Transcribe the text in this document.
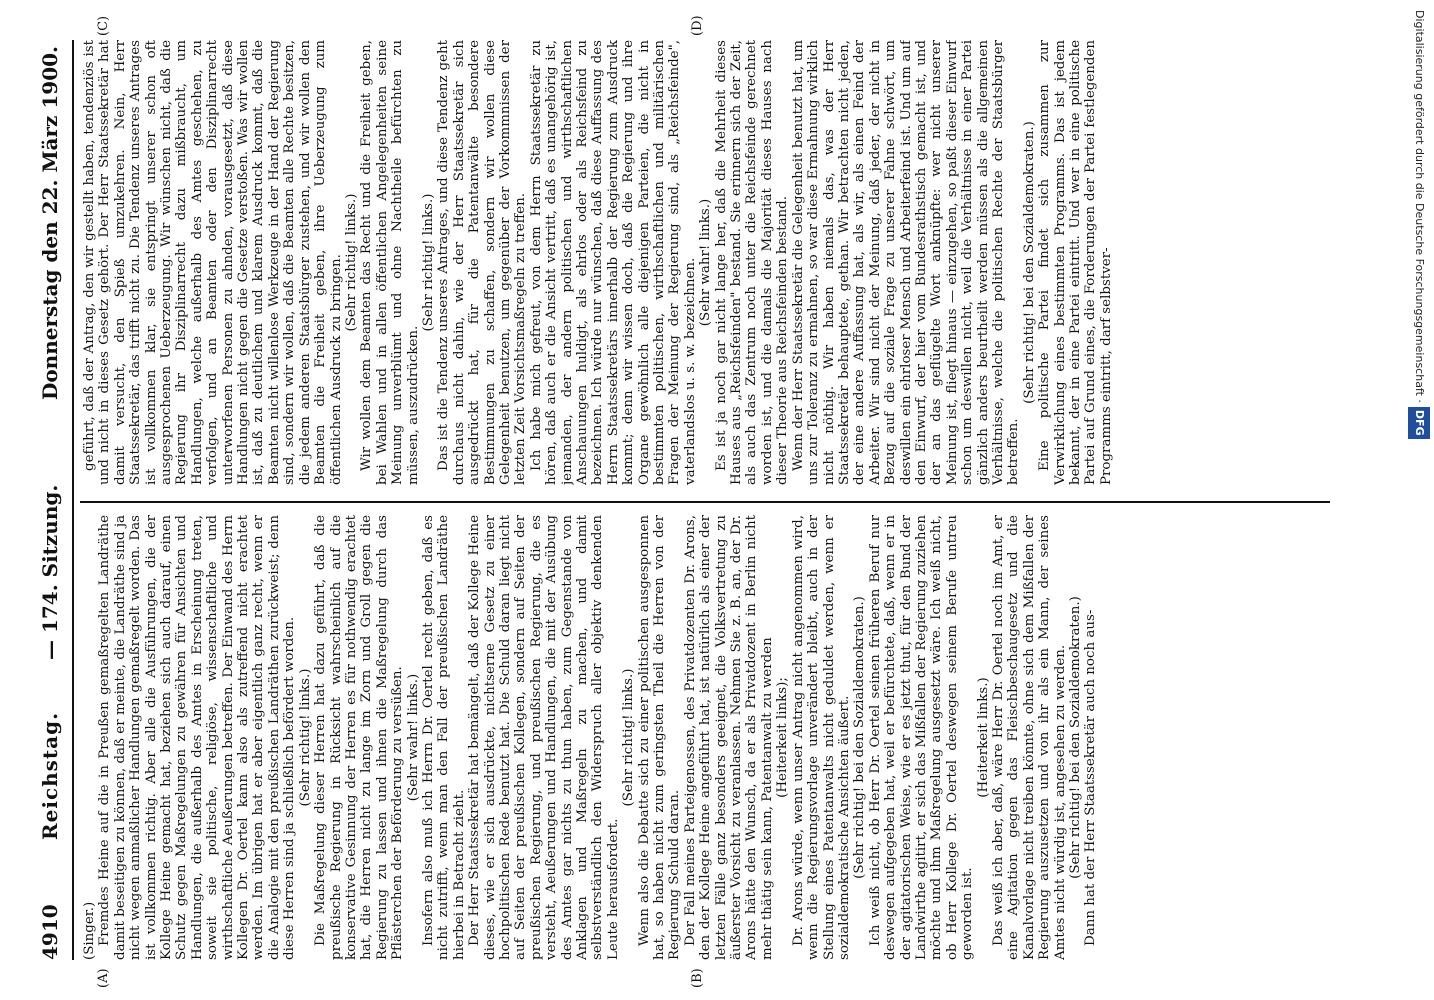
4910
Reichstag.
— 174. Sitzung.
Donnerstag den 22. März 1900.
(A)	(B)
(C)	(D)

(Singer.) Fremdes Heine auf die in Preußen gemaßregelten Landräthe damit beseitigen zu können, daß er meinte, die Landräthe sind ja nicht wegen anmaßlicher Handlungen gemaßregelt worden. Das ist vollkommen richtig. Aber alle die Ausführungen, die der Kollege Heine gemacht hat, beziehen sich auch darauf, einen Schutz gegen Maßregelungen zu gewähren für Ansichten und Handlungen, die außerhalb des Amtes in Erscheinung treten, soweit sie politische, religiöse, wissenschaftliche und wirthschaftliche Aeußerungen betreffen. Der Einwand des Herrn Kollegen Dr. Oertel kann also als zutreffend nicht erachtet werden. Im übrigen hat er aber eigentlich ganz recht, wenn er die Analogie mit den preußischen Landräthen zurückweist; denn diese Herren sind ja schließlich befördert worden. (Sehr richtig! links.) Die Maßregelung dieser Herren hat dazu geführt, daß die preußische Regierung in Rücksicht wahrscheinlich auf die konservative Gesinnung der Herren es für nothwendig erachtet hat, die Herren nicht zu lange im Zorn und Groll gegen die Regierung zu lassen und ihnen die Maßregelung durch das Pflästerchen der Beförderung zu versüßen. (Sehr wahr! links.) Insofern also muß ich Herrn Dr. Oertel recht geben, daß es nicht zutrifft, wenn man den Fall der preußischen Landräthe hierbei in Betracht zieht. Der Herr Staatssekretär hat bemängelt, daß der Kollege Heine dieses, wie er sich ausdrückte, nichtserne Gesetz zu einer hochpolitischen Rede benutzt hat. Die Schuld daran liegt nicht auf Seiten der preußischen Kollegen, sondern auf Seiten der preußischen Regierung, und preußischen Regierung, die es versteht, Aeußerungen und Handlungen, die mit der Ausübung des Amtes gar nichts zu thun haben, zum Gegenstande von Anklagen und Maßregeln zu machen, und damit selbstverständlich den Widerspruch aller objektiv denkenden Leute herausfordert.

(Sehr richtig! links.) Wenn also die Debatte sich zu einer politischen ausgesponnen hat, so haben nicht zum geringsten Theil die Herren von der Regierung Schuld daran. Der Fall meines Parteigenossen, des Privatdozenten Dr. Arons, den der Kollege Heine angeführt hat, ist natürlich als einer der letzten Fälle ganz besonders geeignet, die Volksvertretung zu äußerster Vorsicht zu veranlassen. Nehmen Sie z. B. an, der Dr. Arons hätte den Wunsch, da er als Privatdozent in Berlin nicht mehr thätig sein kann, Patentanwalt zu werden (Heiterkeit links); Dr. Arons würde, wenn unser Antrag nicht angenommen wird, wenn die Regierungsvorlage unverändert bleibt, auch in der Stellung eines Patentanwalts nicht geduldet werden, wenn er sozialdemokratische Ansichten äußert. (Sehr richtig! bei den Sozialdemokraten.) Ich weiß nicht, ob Herr Dr. Oertel seinen früheren Beruf nur deswegen aufgegeben hat, weil er befürchtete, daß, wenn er in der agitatorischen Weise, wie er es jetzt thut, für den Bund der Landwirthe agitirt, er sich das Mißfallen der Regierung zuziehen möchte und ihm Maßregelung ausgesetzt wäre. Ich weiß nicht, ob Herr Kollege Dr. Oertel deswegen seinem Berufe untreu geworden ist.

(Heiterkeit links.) Das weiß ich aber, daß, wäre Herr Dr. Oertel noch im Amt, er eine Agitation gegen das Fleischbeschaugesetz und die Kanalvorlage nicht treiben könnte, ohne sich dem Mißfallen der Regierung auszusetzen und von ihr als ein Mann, der seines Amtes nicht würdig ist, angesehen zu werden. (Sehr richtig! bei den Sozialdemokraten.) Dann hat der Herr Staatssekretär auch noch aus-

geführt, daß der Antrag, den wir gestellt haben, tendenziös ist und nicht in dieses Gesetz gehört. Der Herr Staatssekretär hat damit versucht, den Spieß umzukehren. Nein, Herr Staatssekretär, das trifft nicht zu. Die Tendenz unseres Antrages ist vollkommen klar, sie entspringt unserer schon oft ausgesprochenen Ueberzeugung. Wir wünschen nicht, daß die Regierung ihr Disziplinarrecht dazu mißbraucht, um Handlungen, welche außerhalb des Amtes geschehen, zu verfolgen, und an Beamten oder den Disziplinarrecht unterworfenen Personen zu ahnden, vorausgesetzt, daß diese Handlungen nicht gegen die Gesetze verstoßen. Was wir wollen ist, daß zu deutlichem und klarem Ausdruck kommt, daß die Beamten nicht willenlose Werkzeuge in der Hand der Regierung sind, sondern wir wollen, daß die Beamten alle Rechte besitzen, die jedem anderen Staatsbürger zustehen, und wir wollen den Beamten die Freiheit geben, ihre Ueberzeugung zum öffentlichen Ausdruck zu bringen. (Sehr richtig! links.) Wir wollen dem Beamten das Recht und die Freiheit geben, bei Wahlen und in allen öffentlichen Angelegenheiten seine Meinung unverblümt und ohne Nachtheile befürchten zu müssen, auszudrücken.

(Sehr richtig! links.) Das ist die Tendenz unseres Antrages, und diese Tendenz geht durchaus nicht dahin, wie der Herr Staatssekretär sich ausgedrückt hat, für die Patentanwälte besondere Bestimmungen zu schaffen, sondern wir wollen diese Gelegenheit benutzen, um gegenüber der Vorkommnissen der letzten Zeit Vorsichtsmaßregeln zu treffen. Ich habe mich gefreut, von dem Herrn Staatssekretär zu hören, daß auch er die Ansicht vertritt, daß es unangehörig ist, jemanden, der andern politischen und wirthschaftlichen Anschauungen huldigt, als ehrlos oder als Reichsfeind zu bezeichnen. Ich würde nur wünschen, daß diese Auffassung des Herrn Staatssekretärs innerhalb der Regierung zum Ausdruck kommt; denn wir wissen doch, daß die Regierung und ihre Organe gewöhnlich alle diejenigen Parteien, die nicht in bestimmten politischen, wirthschaftlichen und militärischen Fragen der Meinung der Regierung sind, als „Reichsfeinde", vaterlandslos u. s. w. bezeichnen. (Sehr wahr! links.) Es ist ja noch gar nicht lange her, daß die Mehrheit dieses Hauses aus „Reichsfeinden" bestand. Sie erinnern sich der Zeit, als auch das Zentrum noch unter die Reichsfeinde gerechnet worden ist, und die damals die Majorität dieses Hauses nach dieser Theorie aus Reichsfeinden bestand. Wenn der Herr Staatssekretär die Gelegenheit benutzt hat, um uns zur Toleranz zu ermahnen, so war diese Ermahnung wirklich nicht nöthig. Wir haben niemals das, was der Herr Staatssekretär behauptete, gethan. Wir betrachten nicht jeden, der eine andere Auffassung hat, als wir, als einen Feind der Arbeiter. Wir sind nicht der Meinung, daß jeder, der nicht in Bezug auf die soziale Frage zu unserer Fahne schwört, um deswillen ein ehrloser Mensch und Arbeiterfeind ist. Und um auf den Einwurf, der hier vom Bundesrathstisch gemacht ist, und der an das geflügelte Wort anknüpfte: wer nicht unserer Meinung ist, fliegt hinaus — einzugehen, so paßt dieser Einwurf schon um deswillen nicht, weil die Verhältnisse in einer Partei gänzlich anders beurtheilt werden müssen als die allgemeinen Verhältnisse, welche die politischen Rechte der Staatsbürger betreffen.

(Sehr richtig! bei den Sozialdemokraten.) Eine politische Partei findet sich zusammen zur Verwirklichung eines bestimmten Programms. Das ist jedem bekannt, der in eine Partei eintritt. Und wer in eine politische Partei auf Grund eines, die Forderungen der Partei festlegenden Programms eintritt, darf selbstver-	Digitalisierung gefördert durch die Deutsche Forschungsgemeinschaft ·DFG
